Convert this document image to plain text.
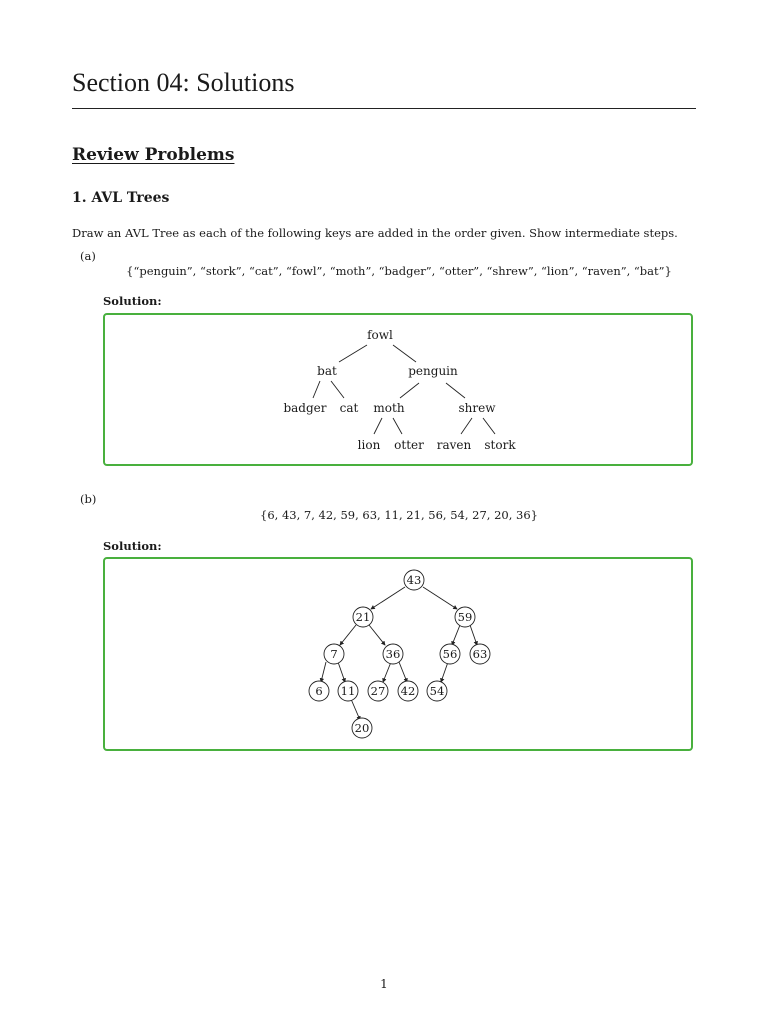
Section 04: Solutions
Review Problems
1. AVL Trees
Draw an AVL Tree as each of the following keys are added in the order given. Show intermediate steps.
(a)
{“penguin”, “stork”, “cat”, “fowl”, “moth”, “badger”, “otter”, “shrew”, “lion”, “raven”, “bat”}
Solution:
fowl
bat	penguin
badger cat moth	shrew
lion otter raven stork
(b)
{6, 43, 7, 42, 59, 63, 11, 21, 56, 54, 27, 20, 36}
Solution:
43
21	59
7	36	56 63
6 11 27 42 54
20
1
